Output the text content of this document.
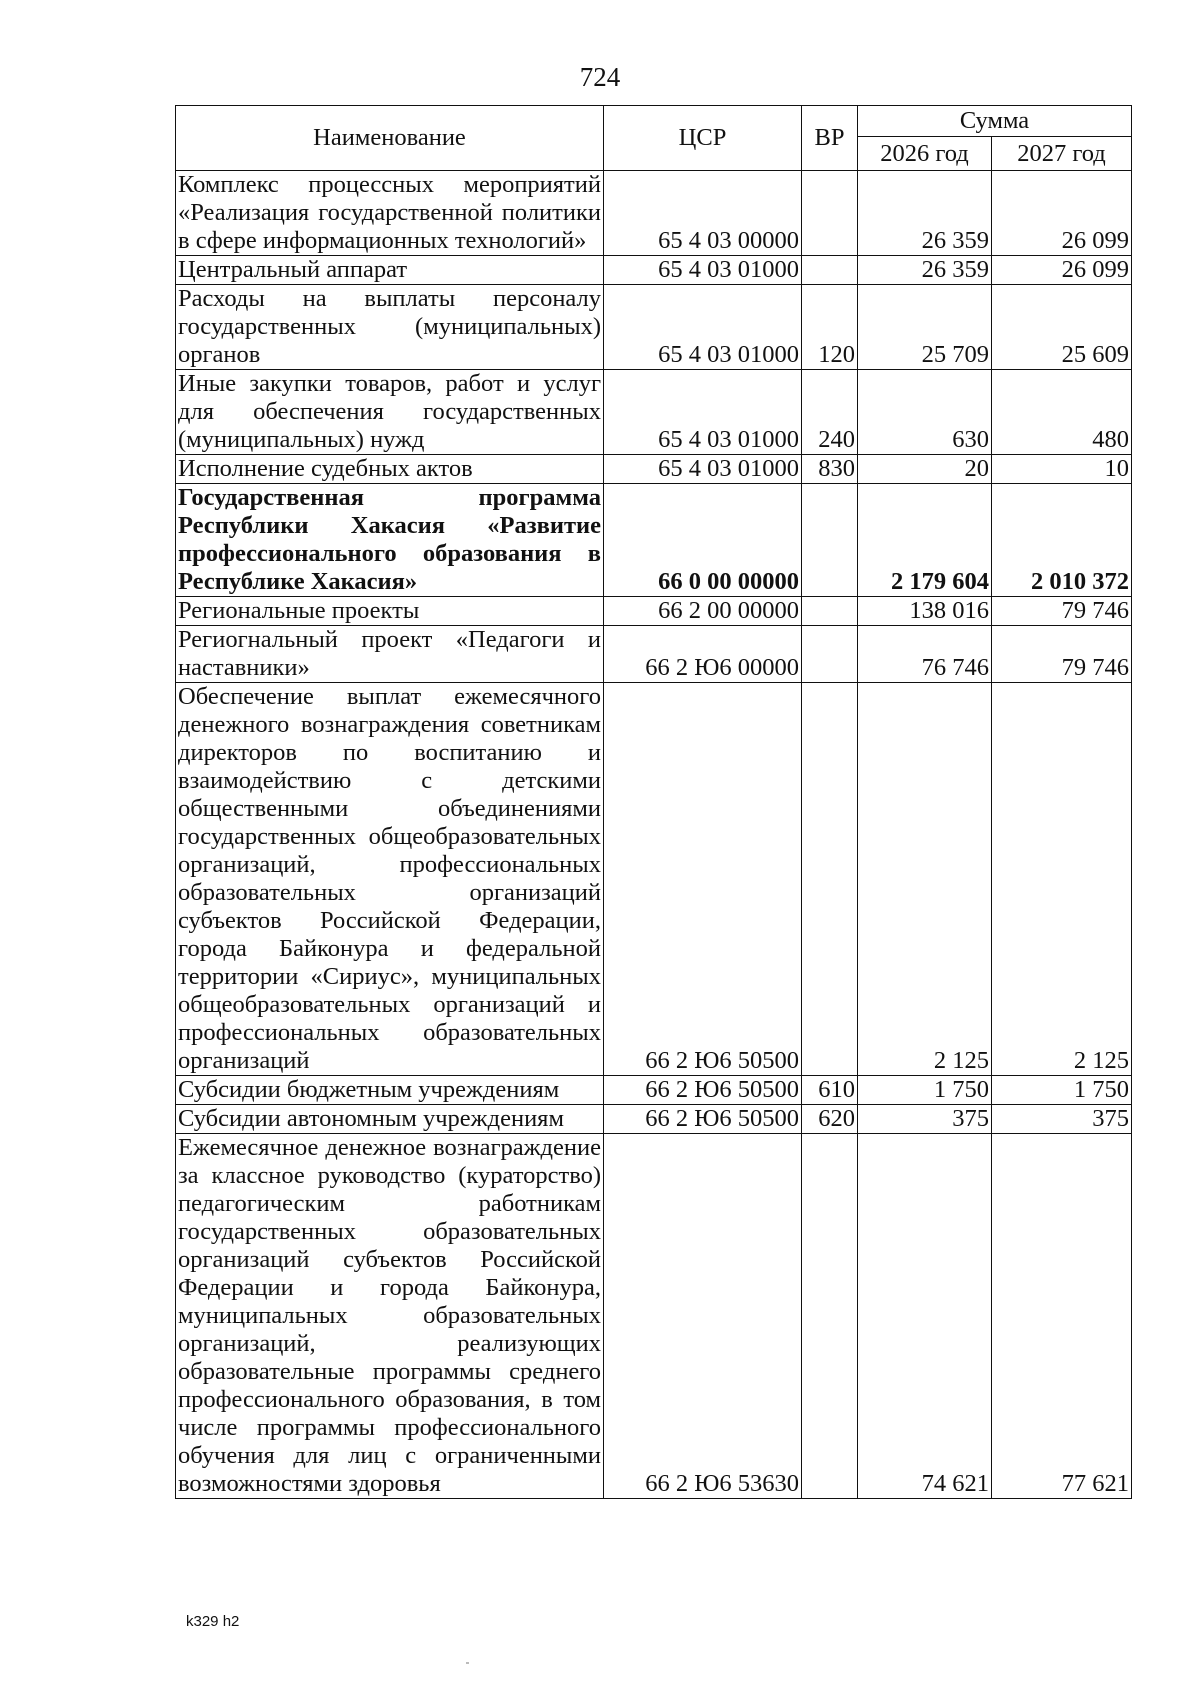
724
Наименование	ЦСР	ВР	Сумма	
			2026 год	2027 год
Комплекс процессных мероприятий «Реализация государственной политики в сфере информационных технологий»	65 4 03 00000		26 359	26 099
Центральный аппарат	65 4 03 01000		26 359	26 099
Расходы на выплаты персоналу государственных (муниципальных) органов	65 4 03 01000	120	25 709	25 609
Иные закупки товаров, работ и услуг для обеспечения государственных (муниципальных) нужд	65 4 03 01000	240	630	480
Исполнение судебных актов	65 4 03 01000	830	20	10
Государственная программа Республики Хакасия «Развитие профессионального образования в Республике Хакасия»	66 0 00 00000		2 179 604	2 010 372
Региональные проекты	66 2 00 00000		138 016	79 746
Региогнальный проект «Педагоги и наставники»	66 2 Ю6 00000		76 746	79 746
Обеспечение выплат ежемесячного денежного вознаграждения советникам директоров по воспитанию и взаимодействию с детскими общественными объединениями государственных общеобразовательных организаций, профессиональных образовательных организаций субъектов Российской Федерации, города Байконура и федеральной территории «Сириус», муниципальных общеобразовательных организаций и профессиональных образовательных организаций	66 2 Ю6 50500		2 125	2 125
Субсидии бюджетным учреждениям	66 2 Ю6 50500	610	1 750	1 750
Субсидии автономным учреждениям	66 2 Ю6 50500	620	375	375
Ежемесячное денежное вознаграждение за классное руководство (кураторство) педагогическим работникам государственных образовательных организаций субъектов Российской Федерации и города Байконура, муниципальных образовательных организаций, реализующих образовательные программы среднего профессионального образования, в том числе программы профессионального обучения для лиц с ограниченными возможностями здоровья	66 2 Ю6 53630		74 621	77 621
k329 h2
